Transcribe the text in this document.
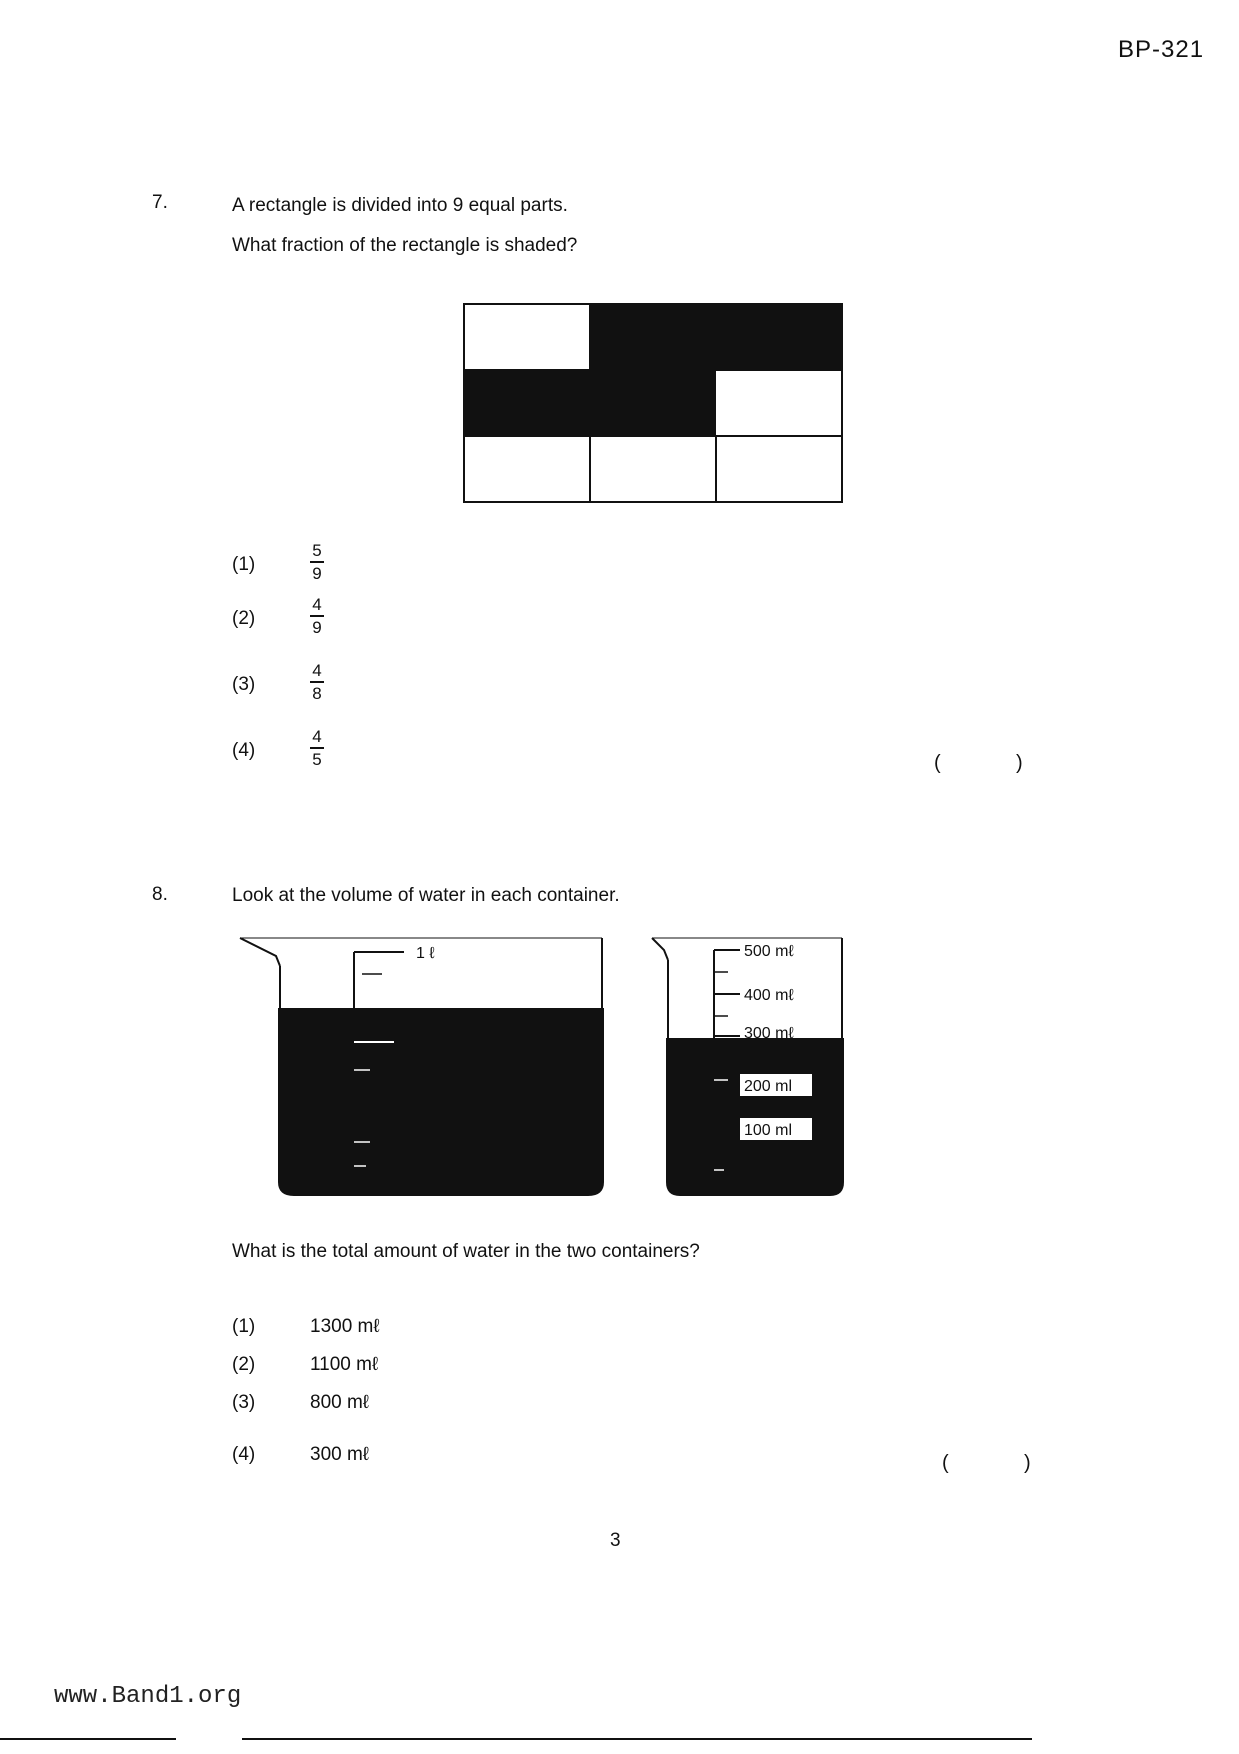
BP-321
7.	A rectangle is divided into 9 equal parts.
What fraction of the rectangle is shaded?
(1)
5
9
(2)
4
9
(3)
4
8
(4)
4
5	(	)
8.	Look at the volume of water in each container.
1 ℓ	500 mℓ
400 mℓ
300 mℓ
200 ml
100 ml
What is the total amount of water in the two containers?
(1)	1300 mℓ
(2)	1100 mℓ
(3)	800 mℓ
(4)	300 mℓ	(	)
3
www.Band1.org
